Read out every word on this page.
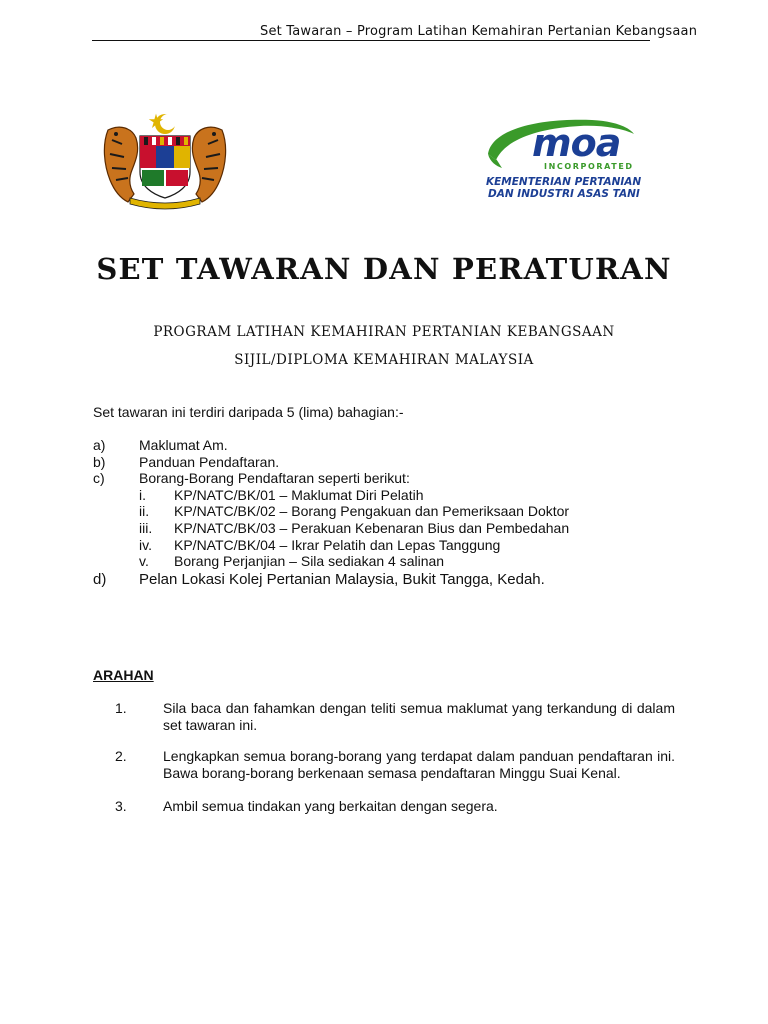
Set Tawaran – Program Latihan Kemahiran Pertanian Kebangsaan
moa
INCORPORATED
KEMENTERIAN PERTANIAN
DAN INDUSTRI ASAS TANI
SET TAWARAN DAN PERATURAN
PROGRAM LATIHAN KEMAHIRAN PERTANIAN KEBANGSAAN
SIJIL/DIPLOMA KEMAHIRAN MALAYSIA
Set tawaran ini terdiri daripada 5 (lima) bahagian:-
a) Maklumat Am.
b) Panduan Pendaftaran.
c) Borang-Borang Pendaftaran seperti berikut:
i. KP/NATC/BK/01 – Maklumat Diri Pelatih
ii. KP/NATC/BK/02 – Borang Pengakuan dan Pemeriksaan Doktor
iii. KP/NATC/BK/03 – Perakuan Kebenaran Bius dan Pembedahan
iv. KP/NATC/BK/04 – Ikrar Pelatih dan Lepas Tanggung
v. Borang Perjanjian – Sila sediakan 4 salinan
d) Pelan Lokasi Kolej Pertanian Malaysia, Bukit Tangga, Kedah.
ARAHAN
1.	Sila baca dan fahamkan dengan teliti semua maklumat yang terkandung di dalam set tawaran ini.
2.	Lengkapkan semua borang-borang yang terdapat dalam panduan pendaftaran ini. Bawa borang-borang berkenaan semasa pendaftaran Minggu Suai Kenal.
3.	Ambil semua tindakan yang berkaitan dengan segera.
